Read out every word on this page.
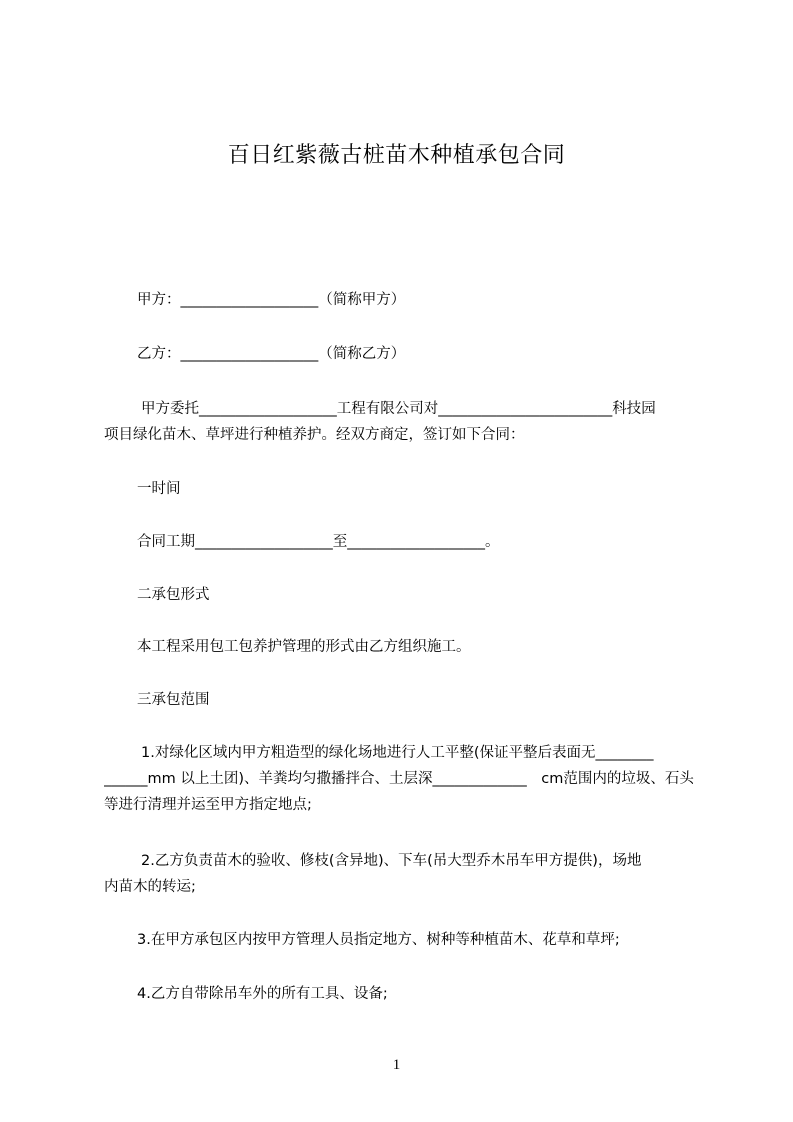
百日红紫薇古桩苗木种植承包合同
甲方：___________________（简称甲方）
乙方：___________________（简称乙方）
甲方委托___________________工程有限公司对________________________科技园
项目绿化苗木、草坪进行种植养护。经双方商定，签订如下合同：
一时间
合同工期___________________至___________________。
二承包形式
本工程采用包工包养护管理的形式由乙方组织施工。
三承包范围
1.对绿化区域内甲方粗造型的绿化场地进行人工平整(保证平整后表面无________
______mm 以上土团)、羊粪均匀撒播拌合、土层深_____________　cm范围内的垃圾、石头
等进行清理并运至甲方指定地点;
2.乙方负责苗木的验收、修枝(含异地)、下车(吊大型乔木吊车甲方提供)，场地
内苗木的转运;
3.在甲方承包区内按甲方管理人员指定地方、树种等种植苗木、花草和草坪;
4.乙方自带除吊车外的所有工具、设备;
1
